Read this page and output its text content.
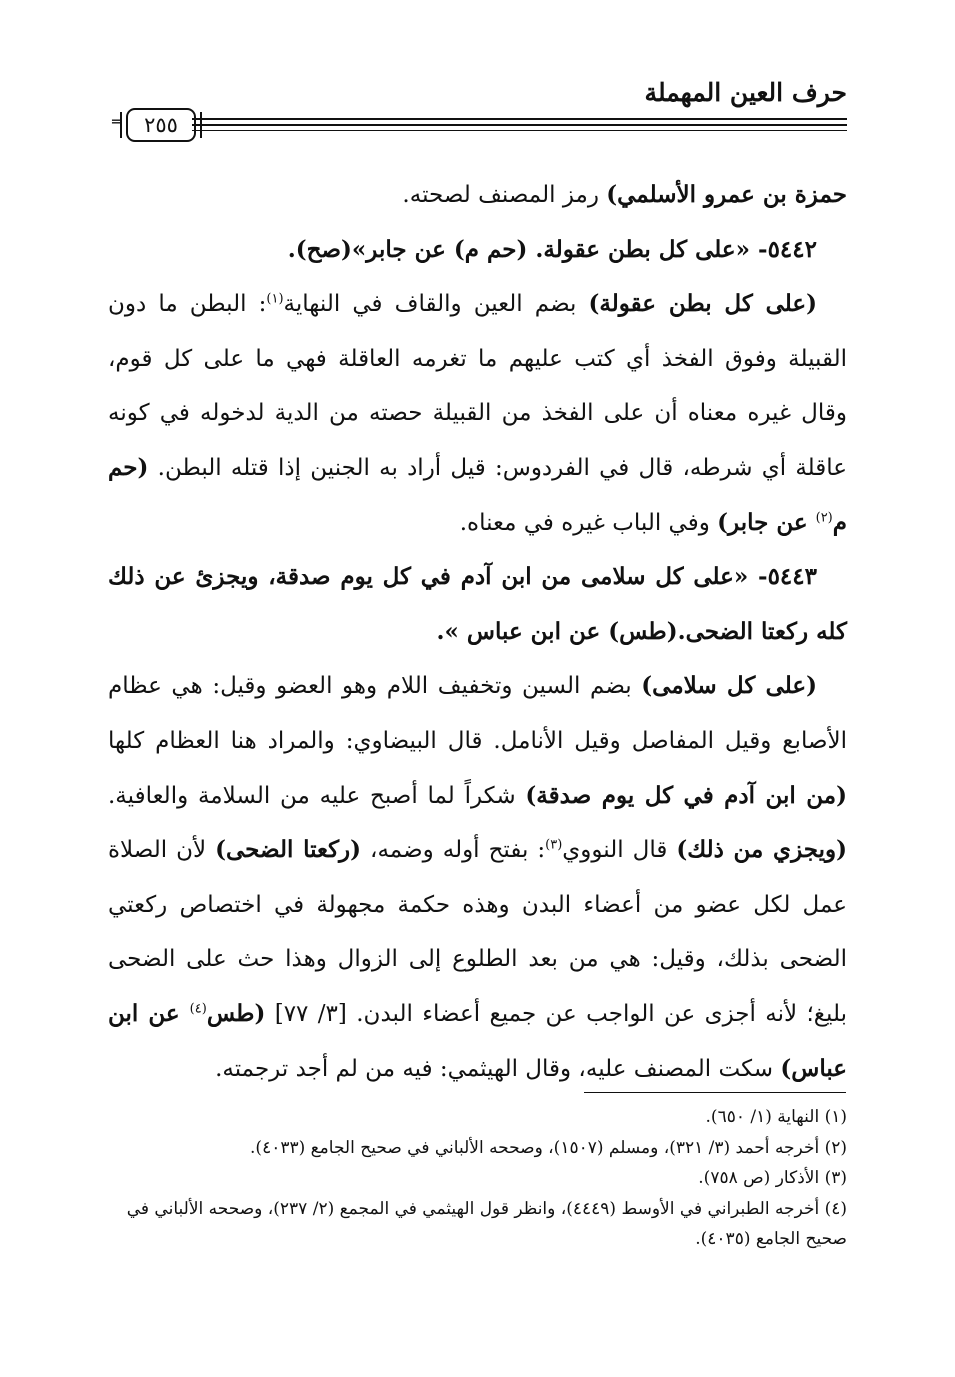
حرف العين المهملة
═	٢٥٥

حمزة بن عمرو الأسلمي) رمز المصنف لصحته.

٥٤٤٢- «على كل بطن عقولة. (حم م) عن جابر»(صح).

(على كل بطن عقولة) بضم العين والقاف في النهاية$^{(١)}$: البطن ما دون القبيلة وفوق الفخذ أي كتب عليهم ما تغرمه العاقلة فهي ما على كل قوم، وقال غيره معناه أن على الفخذ من القبيلة حصته من الدية لدخوله في كونه عاقلة أي شرطه، قال في الفردوس: قيل أراد به الجنين إذا قتله البطن. (حم م$^{(٢)}$ عن جابر) وفي الباب غيره في معناه.

٥٤٤٣- «على كل سلامى من ابن آدم في كل يوم صدقة، ويجزئ عن ذلك كله ركعتا الضحى.(طس) عن ابن عباس ».

(على كل سلامى) بضم السين وتخفيف اللام وهو العضو وقيل: هي عظام الأصابع وقيل المفاصل وقيل الأنامل. قال البيضاوي: والمراد هنا العظام كلها (من ابن آدم في كل يوم صدقة) شكراً لما أصبح عليه من السلامة والعافية. (ويجزي من ذلك) قال النووي$^{(٣)}$: بفتح أوله وضمه، (ركعتا الضحى) لأن الصلاة عمل لكل عضو من أعضاء البدن وهذه حكمة مجهولة في اختصاص ركعتي الضحى بذلك، وقيل: هي من بعد الطلوع إلى الزوال وهذا حث على الضحى بليغ؛ لأنه أجزى عن الواجب عن جميع أعضاء البدن. [٣/ ٧٧] (طس$^{(٤)}$ عن ابن عباس) سكت المصنف عليه، وقال الهيثمي: فيه من لم أجد ترجمته.

(١) النهاية (١/ ٦٥٠).

(٢) أخرجه أحمد (٣/ ٣٢١)، ومسلم (١٥٠٧)، وصححه الألباني في صحيح الجامع (٤٠٣٣).

(٣) الأذكار (ص ٧٥٨).

(٤) أخرجه الطبراني في الأوسط (٤٤٤٩)، وانظر قول الهيثمي في المجمع (٢/ ٢٣٧)، وصححه الألباني في صحيح الجامع (٤٠٣٥).
